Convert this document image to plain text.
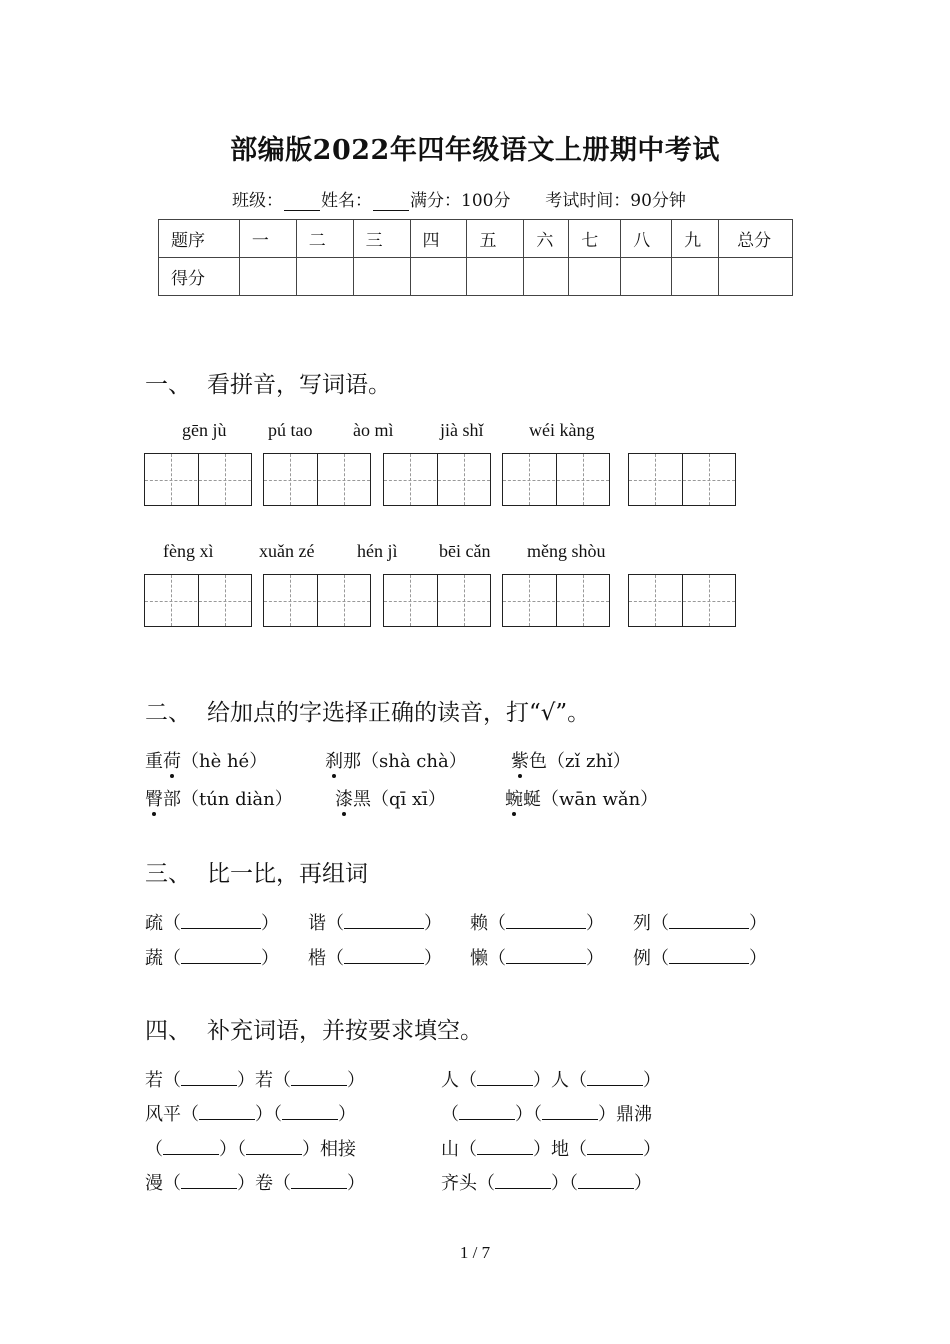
部编版2022年四年级语文上册期中考试
班级： 姓名： 满分：100分 考试时间：90分钟
题序	一	二	三	四	五	六	七	八	九	总分
得分										
一、 看拼音，写词语。
gēn jù pú tao ào mì	jià shǐ	wéi kàng
fèng xì	xuǎn zé hén jì bēi cǎn měng shòu
二、 给加点的字选择正确的读音，打“√”。
重荷（hè hé）	刹那（shà chà） 紫色（zǐ zhǐ）
臀部（tún diàn） 漆黑（qī xī）	蜿蜒（wān wǎn）
三、 比一比，再组词
疏（	） 谐（	） 赖（	） 列（	）
蔬（	） 楷（	） 懒（	） 例（	）
四、 补充词语，并按要求填空。
若（	）若（	）	人（	）人（	）
风平（	）（	）	（	）（	）鼎沸
（	）（	）相接	山（	）地（	）
漫（	）卷（	）	齐头（	）（	）
1 / 7
